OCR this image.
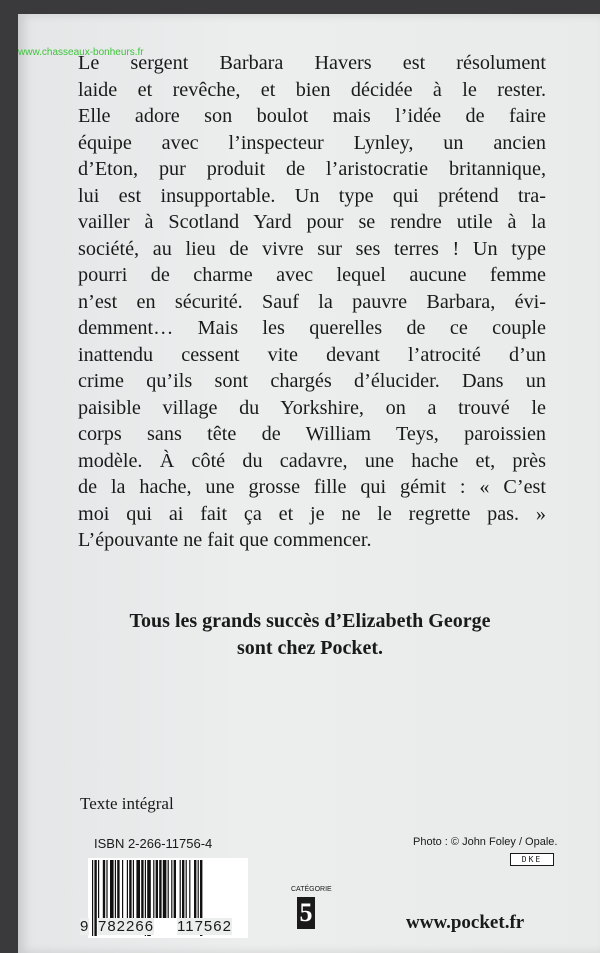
www.chasseaux-bonheurs.fr
Le sergent Barbara Havers est résolument
laide et revêche, et bien décidée à le rester.
Elle adore son boulot mais l’idée de faire
équipe avec l’inspecteur Lynley, un ancien
d’Eton, pur produit de l’aristocratie britannique,
lui est insupportable. Un type qui prétend tra-
vailler à Scotland Yard pour se rendre utile à la
société, au lieu de vivre sur ses terres ! Un type
pourri de charme avec lequel aucune femme
n’est en sécurité. Sauf la pauvre Barbara, évi-
demment… Mais les querelles de ce couple
inattendu cessent vite devant l’atrocité d’un
crime qu’ils sont chargés d’élucider. Dans un
paisible village du Yorkshire, on a trouvé le
corps sans tête de William Teys, paroissien
modèle. À côté du cadavre, une hache et, près
de la hache, une grosse fille qui gémit : « C’est
moi qui ai fait ça et je ne le regrette pas. »
L’épouvante ne fait que commencer.
Tous les grands succès d’Elizabeth George
sont chez Pocket.
Texte intégral
ISBN 2-266-11756-4	Photo : © John Foley / Opale.
DKE
9 782266 117562
CATÉGORIE
5	www.pocket.fr
